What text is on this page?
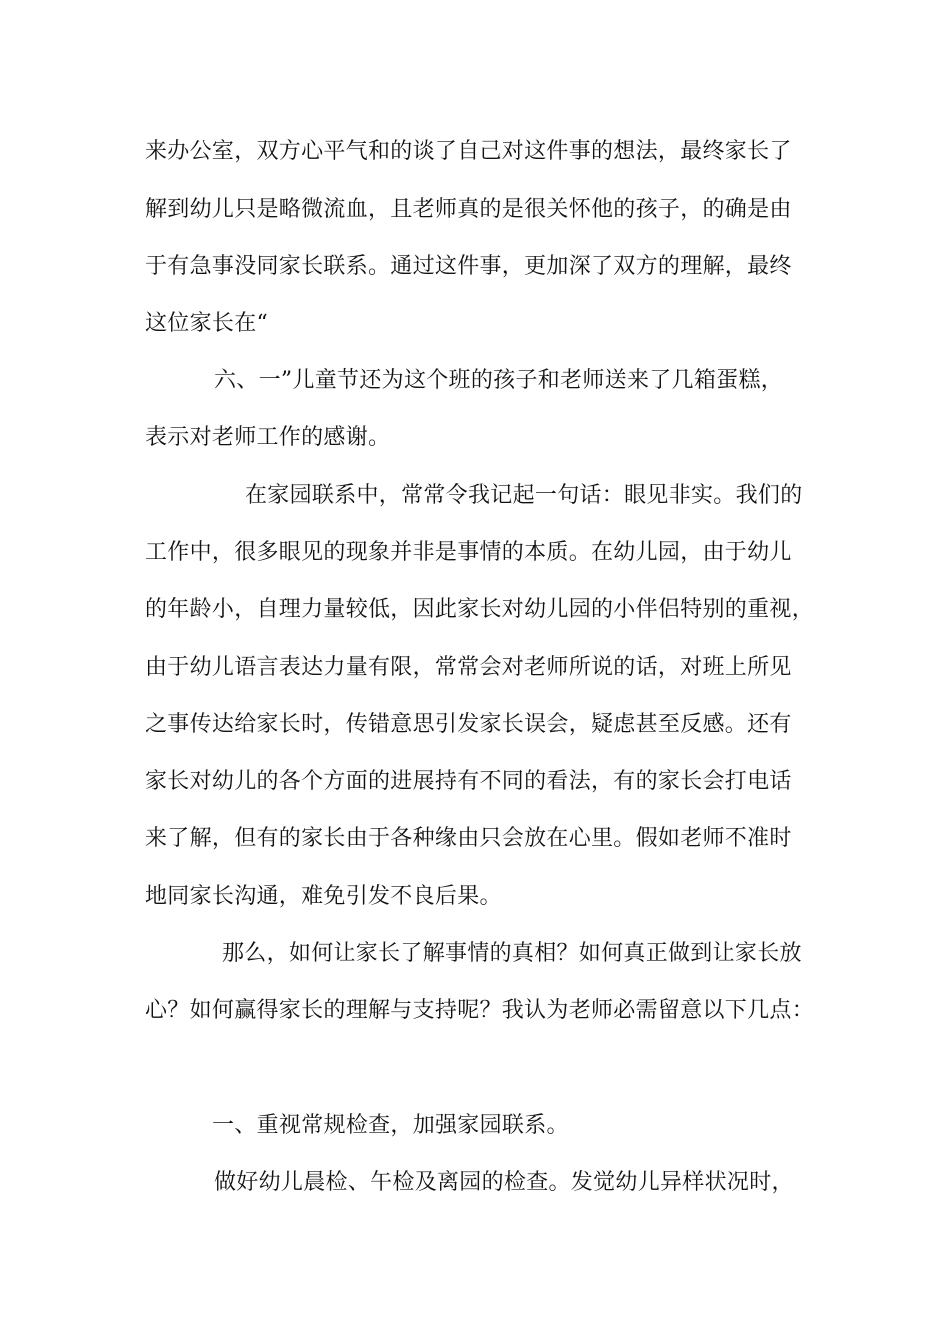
来办公室，双方心平气和的谈了自己对这件事的想法，最终家长了
解到幼儿只是略微流血，且老师真的是很关怀他的孩子，的确是由
于有急事没同家长联系。通过这件事，更加深了双方的理解，最终
这位家长在“
六、一”儿童节还为这个班的孩子和老师送来了几箱蛋糕，
表示对老师工作的感谢。
在家园联系中，常常令我记起一句话：眼见非实。我们的
工作中，很多眼见的现象并非是事情的本质。在幼儿园，由于幼儿
的年龄小，自理力量较低，因此家长对幼儿园的小伴侣特别的重视，
由于幼儿语言表达力量有限，常常会对老师所说的话，对班上所见
之事传达给家长时，传错意思引发家长误会，疑虑甚至反感。还有
家长对幼儿的各个方面的进展持有不同的看法，有的家长会打电话
来了解，但有的家长由于各种缘由只会放在心里。假如老师不准时
地同家长沟通，难免引发不良后果。
那么，如何让家长了解事情的真相？如何真正做到让家长放
心？如何赢得家长的理解与支持呢？我认为老师必需留意以下几点：
一、重视常规检查，加强家园联系。
做好幼儿晨检、午检及离园的检查。发觉幼儿异样状况时，
